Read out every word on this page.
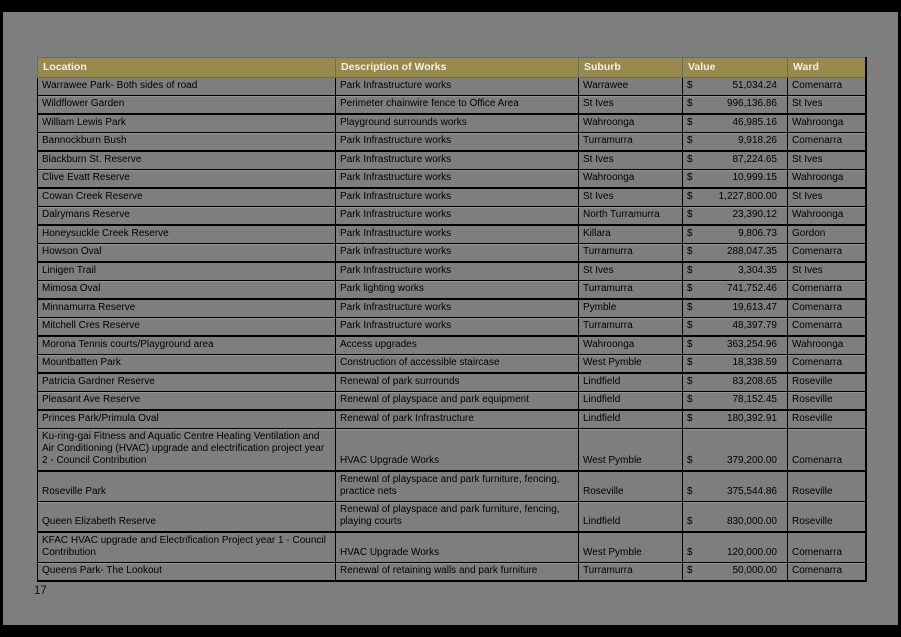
Location	Description of Works	Suburb	Value	Ward
Warrawee Park- Both sides of road	Park Infrastructure works	Warrawee	$ 51,034.24	Comenarra
Wildflower Garden	Perimeter chainwire fence to Office Area	St Ives	$ 996,136.86	St Ives
William Lewis Park	Playground surrounds works	Wahroonga	$ 46,985.16	Wahroonga
Bannockburn Bush	Park Infrastructure works	Turramurra	$ 9,918.26	Comenarra
Blackburn St. Reserve	Park Infrastructure works	St Ives	$ 87,224.65	St Ives
Clive Evatt Reserve	Park Infrastructure works	Wahroonga	$ 10,999.15	Wahroonga
Cowan Creek Reserve	Park Infrastructure works	St Ives	$ 1,227,800.00	St Ives
Dalrymans Reserve	Park Infrastructure works	North Turramurra	$ 23,390.12	Wahroonga
Honeysuckle Creek Reserve	Park Infrastructure works	Killara	$ 9,806.73	Gordon
Howson Oval	Park Infrastructure works	Turramurra	$ 288,047.35	Comenarra
Linigen Trail	Park Infrastructure works	St Ives	$ 3,304.35	St Ives
Mimosa Oval	Park lighting works	Turramurra	$ 741,752.46	Comenarra
Minnamurra Reserve	Park Infrastructure works	Pymble	$ 19,613.47	Comenarra
Mitchell Cres Reserve	Park Infrastructure works	Turramurra	$ 48,397.79	Comenarra
Morona Tennis courts/Playground area	Access upgrades	Wahroonga	$ 363,254.96	Wahroonga
Mountbatten Park	Construction of accessible staircase	West Pymble	$ 18,338.59	Comenarra
Patricia Gardner Reserve	Renewal of park surrounds	Lindfield	$ 83,208.65	Roseville
Pleasant Ave Reserve	Renewal of playspace and park equipment	Lindfield	$ 78,152.45	Roseville
Princes Park/Primula Oval	Renewal of park Infrastructure	Lindfield	$ 180,392.91	Roseville
Ku-ring-gai Fitness and Aquatic Centre Heating Ventilation and Air Conditioning (HVAC) upgrade and electrification project year 2 - Council Contribution	HVAC Upgrade Works	West Pymble	$ 379,200.00	Comenarra
Roseville Park	Renewal of playspace and park furniture, fencing, practice nets	Roseville	$ 375,544.86	Roseville
Queen Elizabeth Reserve	Renewal of playspace and park furniture, fencing, playing courts	Lindfield	$ 830,000.00	Roseville
KFAC HVAC upgrade and Electrification Project year 1 - Council Contribution	HVAC Upgrade Works	West Pymble	$ 120,000.00	Comenarra
Queens Park- The Lookout	Renewal of retaining walls and park furniture	Turramurra	$ 50,000.00	Comenarra
17
